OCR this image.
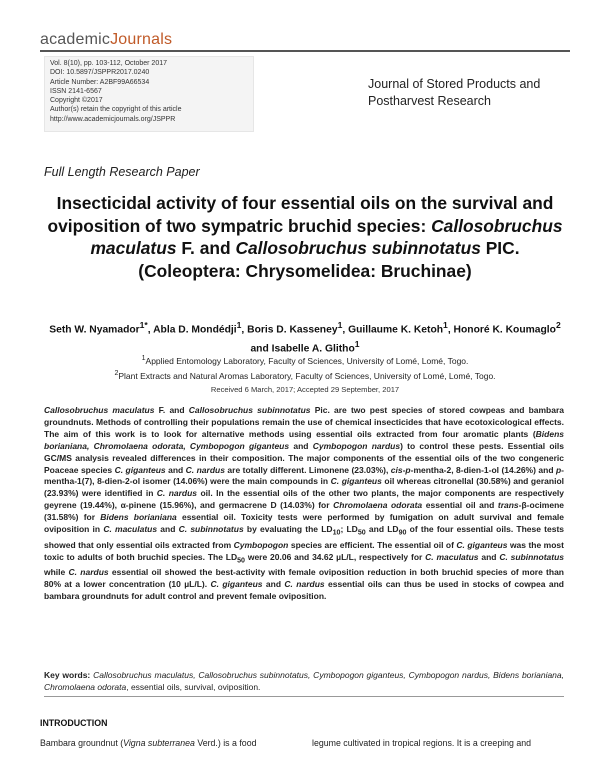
academicJournals
Vol. 8(10), pp. 103-112, October 2017
DOI: 10.5897/JSPPR2017.0240
Article Number: A2BF99A66534
ISSN 2141-6567
Copyright ©2017
Author(s) retain the copyright of this article
http://www.academicjournals.org/JSPPR
Journal of Stored Products and
Postharvest Research
Full Length Research Paper
Insecticidal activity of four essential oils on the survival and oviposition of two sympatric bruchid species: Callosobruchus maculatus F. and Callosobruchus subinnotatus PIC. (Coleoptera: Chrysomelidea: Bruchinae)
Seth W. Nyamador$^{1*}$, Abla D. Mondédji$^1$, Boris D. Kasseney$^1$, Guillaume K. Ketoh$^1$, Honoré K. Koumaglo$^2$ and Isabelle A. Glitho$^1$
$^1$Applied Entomology Laboratory, Faculty of Sciences, University of Lomé, Lomé, Togo.
$^2$Plant Extracts and Natural Aromas Laboratory, Faculty of Sciences, University of Lomé, Lomé, Togo.
Received 6 March, 2017; Accepted 29 September, 2017
Callosobruchus maculatus F. and Callosobruchus subinnotatus Pic. are two pest species of stored cowpeas and bambara groundnuts. Methods of controlling their populations remain the use of chemical insecticides that have ecotoxicological effects. The aim of this work is to look for alternative methods using essential oils extracted from four aromatic plants (Bidens borianiana, Chromolaena odorata, Cymbopogon giganteus and Cymbopogon nardus) to control these pests. Essential oils GC/MS analysis revealed differences in their composition. The major components of the essential oils of the two congeneric Poaceae species C. giganteus and C. nardus are totally different. Limonene (23.03%), cis-p-mentha-2, 8-dien-1-ol (14.26%) and p-mentha-1(7), 8-dien-2-ol isomer (14.06%) were the main compounds in C. giganteus oil whereas citronellal (30.58%) and geraniol (23.93%) were identified in C. nardus oil. In the essential oils of the other two plants, the major components are respectively geyrene (19.44%), α-pinene (15.96%), and germacrene D (14.03%) for Chromolaena odorata essential oil and trans-β-ocimene (31.58%) for Bidens borianiana essential oil. Toxicity tests were performed by fumigation on adult survival and female oviposition in C. maculatus and C. subinnotatus by evaluating the $LD_{10}$; $LD_{50}$ and $LD_{90}$ of the four essential oils. These tests showed that only essential oils extracted from Cymbopogon species are efficient. The essential oil of C. giganteus was the most toxic to adults of both bruchid species. The $LD_{50}$ were 20.06 and 34.62 µL/L, respectively for C. maculatus and C. subinnotatus while C. nardus essential oil showed the best-activity with female oviposition reduction in both bruchid species of more than 80% at a lower concentration (10 µL/L). C. giganteus and C. nardus essential oils can thus be used in stocks of cowpea and bambara groundnuts for adult control and prevent female oviposition.
Key words: Callosobruchus maculatus, Callosobruchus subinnotatus, Cymbopogon giganteus, Cymbopogon nardus, Bidens borianiana, Chromolaena odorata, essential oils, survival, oviposition.
INTRODUCTION
Bambara groundnut (Vigna subterranea Verd.) is a food	legume cultivated in tropical regions. It is a creeping and
